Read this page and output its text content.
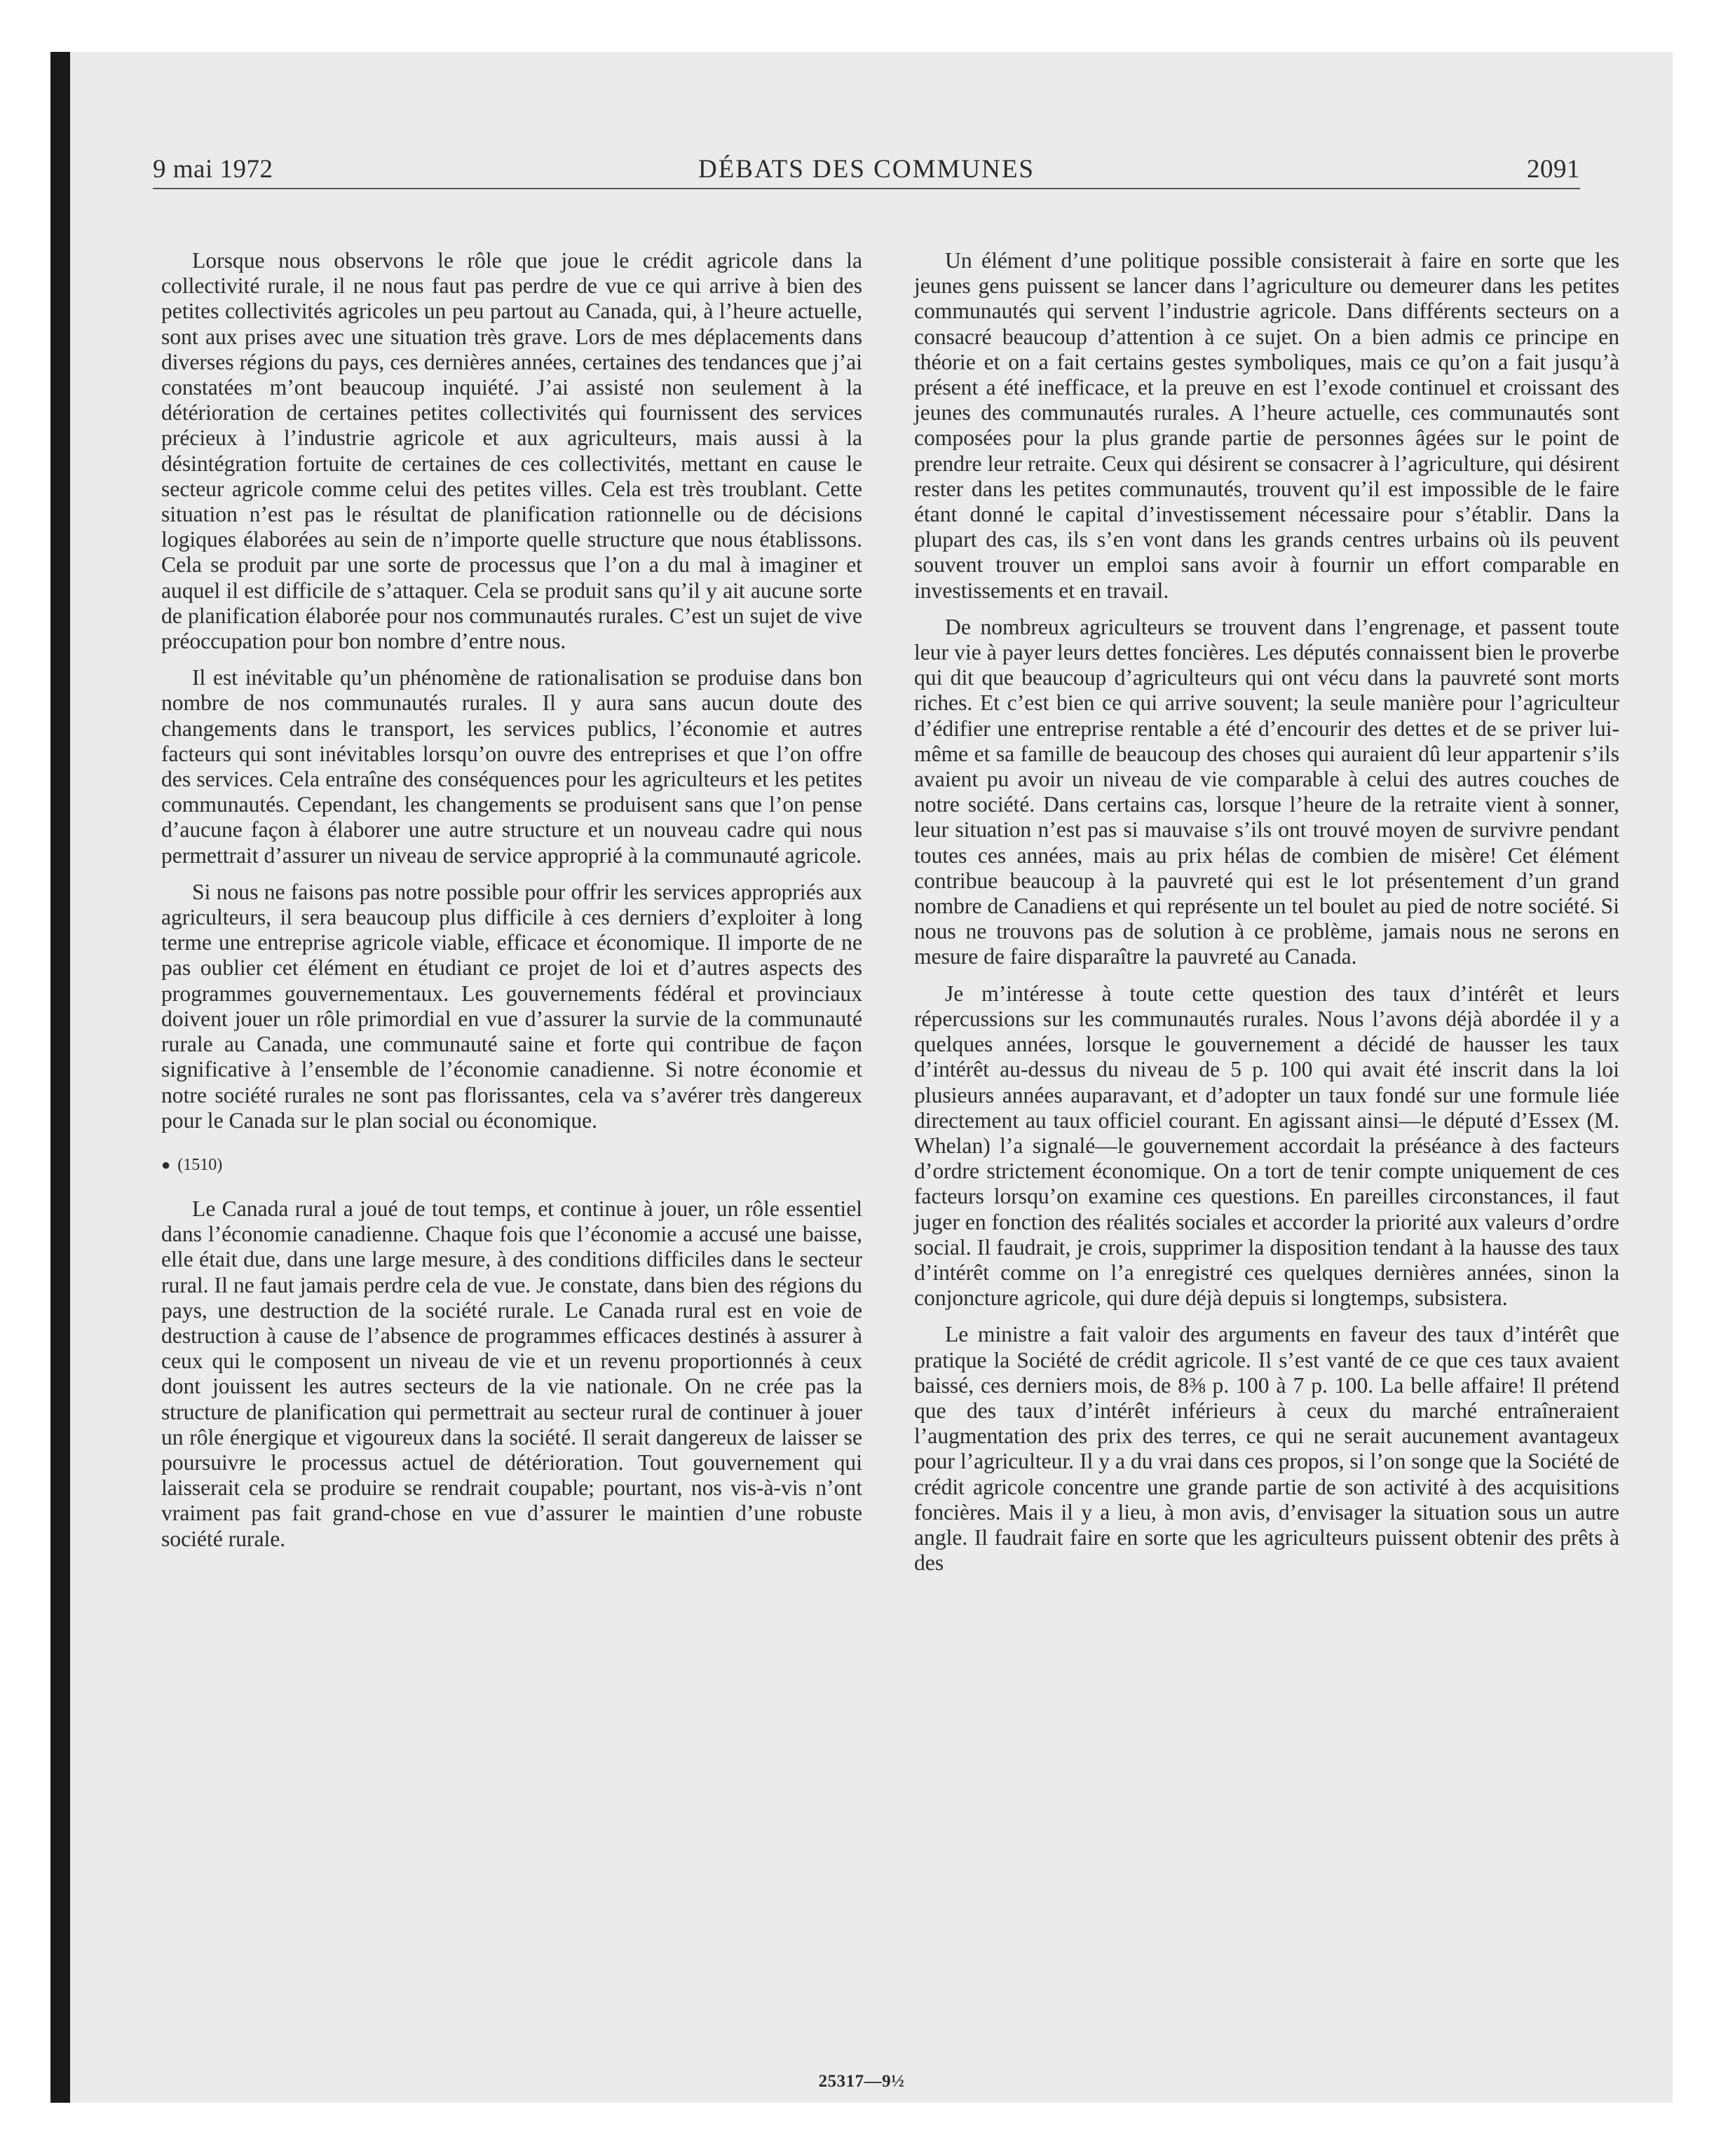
9 mai 1972	DÉBATS DES COMMUNES	2091

Lorsque nous observons le rôle que joue le crédit agricole dans la collectivité rurale, il ne nous faut pas perdre de vue ce qui arrive à bien des petites collectivités agricoles un peu partout au Canada, qui, à l’heure actuelle, sont aux prises avec une situation très grave. Lors de mes déplacements dans diverses régions du pays, ces dernières années, certaines des tendances que j’ai constatées m’ont beaucoup inquiété. J’ai assisté non seulement à la détérioration de certaines petites collectivités qui fournissent des services précieux à l’industrie agricole et aux agriculteurs, mais aussi à la désintégration fortuite de certaines de ces collectivités, mettant en cause le secteur agricole comme celui des petites villes. Cela est très troublant. Cette situation n’est pas le résultat de planification rationnelle ou de décisions logiques élaborées au sein de n’importe quelle structure que nous établissons. Cela se produit par une sorte de processus que l’on a du mal à imaginer et auquel il est difficile de s’attaquer. Cela se produit sans qu’il y ait aucune sorte de planification élaborée pour nos communautés rurales. C’est un sujet de vive préoccupation pour bon nombre d’entre nous.

Il est inévitable qu’un phénomène de rationalisation se produise dans bon nombre de nos communautés rurales. Il y aura sans aucun doute des changements dans le transport, les services publics, l’économie et autres facteurs qui sont inévitables lorsqu’on ouvre des entreprises et que l’on offre des services. Cela entraîne des conséquences pour les agriculteurs et les petites communautés. Cependant, les changements se produisent sans que l’on pense d’aucune façon à élaborer une autre structure et un nouveau cadre qui nous permettrait d’assurer un niveau de service approprié à la communauté agricole.

Si nous ne faisons pas notre possible pour offrir les services appropriés aux agriculteurs, il sera beaucoup plus difficile à ces derniers d’exploiter à long terme une entreprise agricole viable, efficace et économique. Il importe de ne pas oublier cet élément en étudiant ce projet de loi et d’autres aspects des programmes gouvernementaux. Les gouvernements fédéral et provinciaux doivent jouer un rôle primordial en vue d’assurer la survie de la communauté rurale au Canada, une communauté saine et forte qui contribue de façon significative à l’ensemble de l’économie canadienne. Si notre économie et notre société rurales ne sont pas florissantes, cela va s’avérer très dangereux pour le Canada sur le plan social ou économique.

● (1510)

Le Canada rural a joué de tout temps, et continue à jouer, un rôle essentiel dans l’économie canadienne. Chaque fois que l’économie a accusé une baisse, elle était due, dans une large mesure, à des conditions difficiles dans le secteur rural. Il ne faut jamais perdre cela de vue. Je constate, dans bien des régions du pays, une destruction de la société rurale. Le Canada rural est en voie de destruction à cause de l’absence de programmes efficaces destinés à assurer à ceux qui le composent un niveau de vie et un revenu proportionnés à ceux dont jouissent les autres secteurs de la vie nationale. On ne crée pas la structure de planification qui permettrait au secteur rural de continuer à jouer un rôle énergique et vigoureux dans la société. Il serait dangereux de laisser se poursuivre le processus actuel de détérioration. Tout gouvernement qui laisserait cela se produire se rendrait coupable; pourtant, nos vis-à-vis n’ont vraiment pas fait grand-chose en vue d’assurer le maintien d’une robuste société rurale.

Un élément d’une politique possible consisterait à faire en sorte que les jeunes gens puissent se lancer dans l’agriculture ou demeurer dans les petites communautés qui servent l’industrie agricole. Dans différents secteurs on a consacré beaucoup d’attention à ce sujet. On a bien admis ce principe en théorie et on a fait certains gestes symboliques, mais ce qu’on a fait jusqu’à présent a été inefficace, et la preuve en est l’exode continuel et croissant des jeunes des communautés rurales. A l’heure actuelle, ces communautés sont composées pour la plus grande partie de personnes âgées sur le point de prendre leur retraite. Ceux qui désirent se consacrer à l’agriculture, qui désirent rester dans les petites communautés, trouvent qu’il est impossible de le faire étant donné le capital d’investissement nécessaire pour s’établir. Dans la plupart des cas, ils s’en vont dans les grands centres urbains où ils peuvent souvent trouver un emploi sans avoir à fournir un effort comparable en investissements et en travail.

De nombreux agriculteurs se trouvent dans l’engrenage, et passent toute leur vie à payer leurs dettes foncières. Les députés connaissent bien le proverbe qui dit que beaucoup d’agriculteurs qui ont vécu dans la pauvreté sont morts riches. Et c’est bien ce qui arrive souvent; la seule manière pour l’agriculteur d’édifier une entreprise rentable a été d’encourir des dettes et de se priver lui-même et sa famille de beaucoup des choses qui auraient dû leur appartenir s’ils avaient pu avoir un niveau de vie comparable à celui des autres couches de notre société. Dans certains cas, lorsque l’heure de la retraite vient à sonner, leur situation n’est pas si mauvaise s’ils ont trouvé moyen de survivre pendant toutes ces années, mais au prix hélas de combien de misère! Cet élément contribue beaucoup à la pauvreté qui est le lot présentement d’un grand nombre de Canadiens et qui représente un tel boulet au pied de notre société. Si nous ne trouvons pas de solution à ce problème, jamais nous ne serons en mesure de faire disparaître la pauvreté au Canada.

Je m’intéresse à toute cette question des taux d’intérêt et leurs répercussions sur les communautés rurales. Nous l’avons déjà abordée il y a quelques années, lorsque le gouvernement a décidé de hausser les taux d’intérêt au-dessus du niveau de 5 p. 100 qui avait été inscrit dans la loi plusieurs années auparavant, et d’adopter un taux fondé sur une formule liée directement au taux officiel courant. En agissant ainsi—le député d’Essex (M. Whelan) l’a signalé—le gouvernement accordait la préséance à des facteurs d’ordre strictement économique. On a tort de tenir compte uniquement de ces facteurs lorsqu’on examine ces questions. En pareilles circonstances, il faut juger en fonction des réalités sociales et accorder la priorité aux valeurs d’ordre social. Il faudrait, je crois, supprimer la disposition tendant à la hausse des taux d’intérêt comme on l’a enregistré ces quelques dernières années, sinon la conjoncture agricole, qui dure déjà depuis si longtemps, subsistera.

Le ministre a fait valoir des arguments en faveur des taux d’intérêt que pratique la Société de crédit agricole. Il s’est vanté de ce que ces taux avaient baissé, ces derniers mois, de 8⅜ p. 100 à 7 p. 100. La belle affaire! Il prétend que des taux d’intérêt inférieurs à ceux du marché entraîneraient l’augmentation des prix des terres, ce qui ne serait aucunement avantageux pour l’agriculteur. Il y a du vrai dans ces propos, si l’on songe que la Société de crédit agricole concentre une grande partie de son activité à des acquisitions foncières. Mais il y a lieu, à mon avis, d’envisager la situation sous un autre angle. Il faudrait faire en sorte que les agriculteurs puissent obtenir des prêts à des

25317—9½
